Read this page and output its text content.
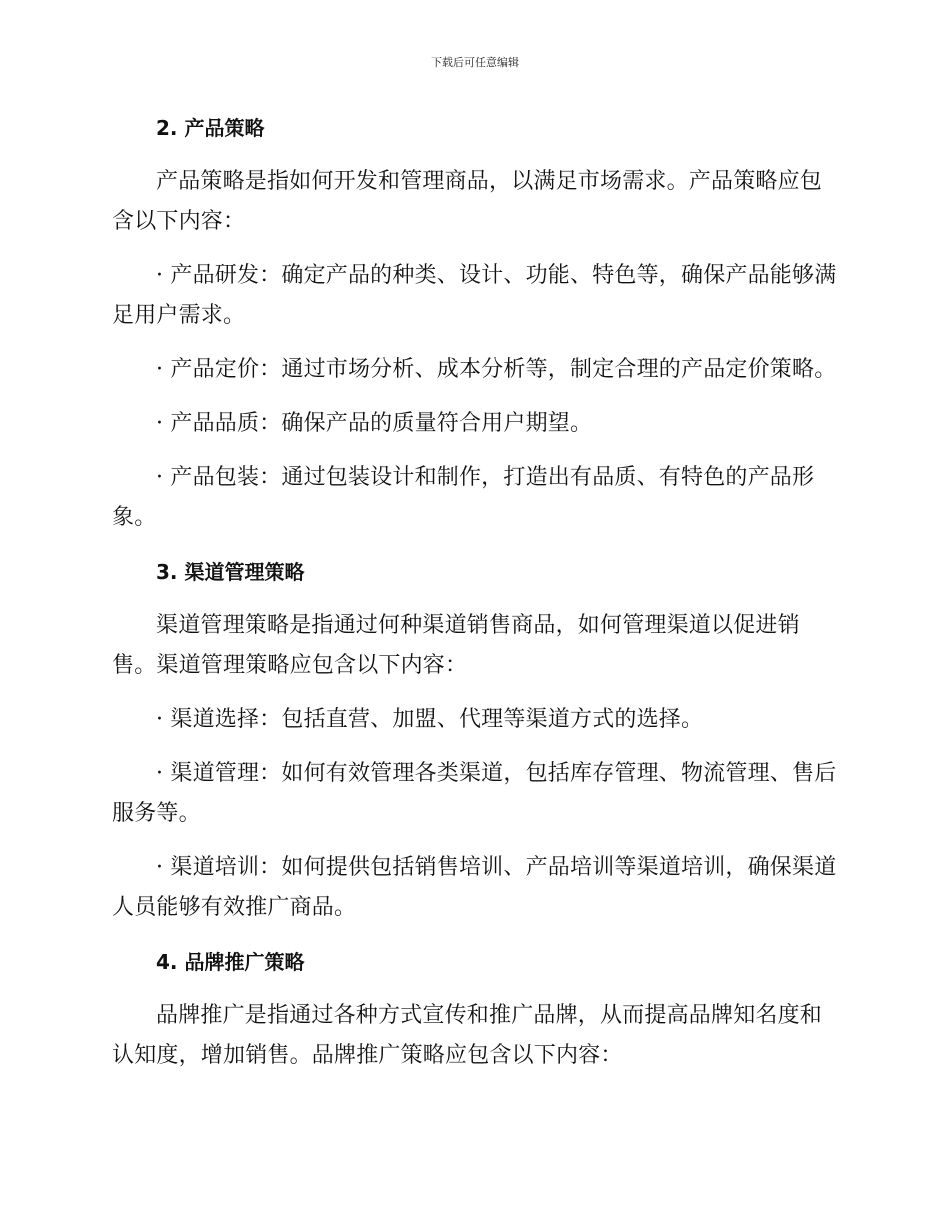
下载后可任意编辑
2. 产品策略

产品策略是指如何开发和管理商品，以满足市场需求。产品策略应包含以下内容：

· 产品研发：确定产品的种类、设计、功能、特色等，确保产品能够满足用户需求。

· 产品定价：通过市场分析、成本分析等，制定合理的产品定价策略。

· 产品品质：确保产品的质量符合用户期望。

· 产品包装：通过包装设计和制作，打造出有品质、有特色的产品形象。

3. 渠道管理策略

渠道管理策略是指通过何种渠道销售商品，如何管理渠道以促进销售。渠道管理策略应包含以下内容：

· 渠道选择：包括直营、加盟、代理等渠道方式的选择。

· 渠道管理：如何有效管理各类渠道，包括库存管理、物流管理、售后服务等。

· 渠道培训：如何提供包括销售培训、产品培训等渠道培训，确保渠道人员能够有效推广商品。

4. 品牌推广策略

品牌推广是指通过各种方式宣传和推广品牌，从而提高品牌知名度和认知度，增加销售。品牌推广策略应包含以下内容：
